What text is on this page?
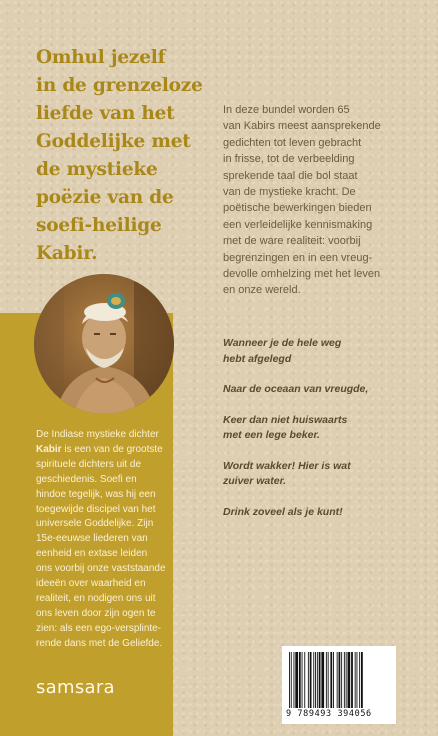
Omhul jezelf
in de grenzeloze
liefde van het
Goddelijke met
de mystieke
poëzie van de
soefi-heilige
Kabir.

In deze bundel worden 65
van Kabirs meest aansprekende
gedichten tot leven gebracht
in frisse, tot de verbeelding
sprekende taal die bol staat
van de mystieke kracht. De
poëtische bewerkingen bieden
een verleidelijke kennismaking
met de ware realiteit: voorbij
begrenzingen en in een vreug-
devolle omhelzing met het leven
en onze wereld.

Wanneer je de hele weg
hebt afgelegd

Naar de oceaan van vreugde,

Keer dan niet huiswaarts
met een lege beker.

Wordt wakker! Hier is wat
zuiver water.

Drink zoveel als je kunt!

De Indiase mystieke dichter
Kabir is een van de grootste
spirituele dichters uit de
geschiedenis. Soefi en
hindoe tegelijk, was hij een
toegewijde discipel van het
universele Goddelijke. Zijn
15e-eeuwse liederen van
eenheid en extase leiden
ons voorbij onze vaststaande
ideeën over waarheid en
realiteit, en nodigen ons uit
ons leven door zijn ogen te
zien: als een ego-versplinte-
rende dans met de Geliefde.

samsara

9 789493 394056
